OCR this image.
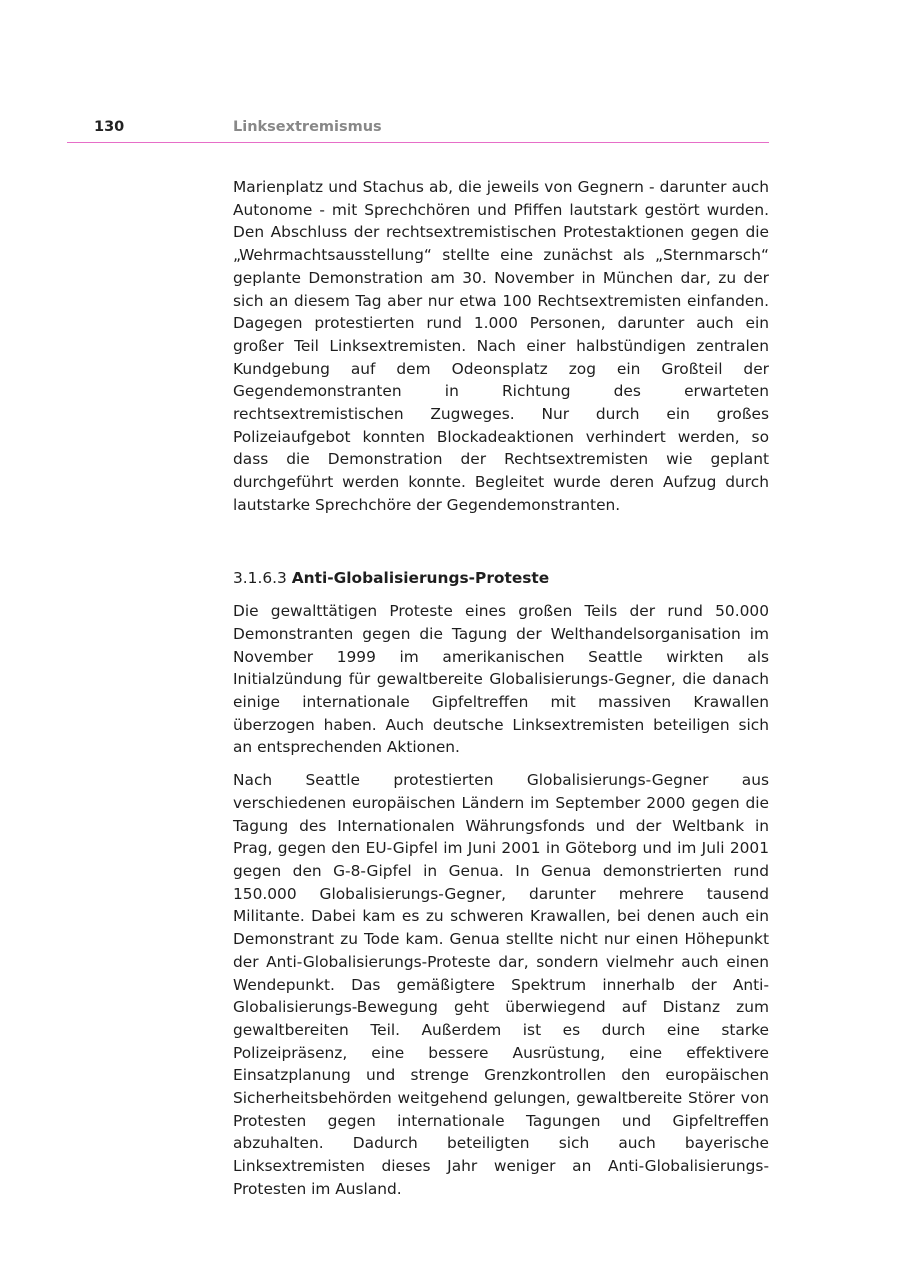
130	Linksextremismus

Marienplatz und Stachus ab, die jeweils von Gegnern - darunter auch Autonome - mit Sprechchören und Pfiffen lautstark gestört wurden. Den Abschluss der rechtsextremistischen Protestaktionen gegen die „Wehrmachtsausstellung“ stellte eine zunächst als „Sternmarsch“ geplante Demonstration am 30. November in München dar, zu der sich an diesem Tag aber nur etwa 100 Rechtsextremisten einfanden. Dagegen protestierten rund 1.000 Personen, darunter auch ein großer Teil Linksextremisten. Nach einer halbstündigen zentralen Kundgebung auf dem Odeonsplatz zog ein Großteil der Gegendemonstranten in Richtung des erwarteten rechtsextremistischen Zugweges. Nur durch ein großes Polizeiaufgebot konnten Blockadeaktionen verhindert werden, so dass die Demonstration der Rechtsextremisten wie geplant durchgeführt werden konnte. Begleitet wurde deren Aufzug durch lautstarke Sprechchöre der Gegendemonstranten.

3.1.6.3 Anti-Globalisierungs-Proteste

Die gewalttätigen Proteste eines großen Teils der rund 50.000 Demonstranten gegen die Tagung der Welthandelsorganisation im November 1999 im amerikanischen Seattle wirkten als Initialzündung für gewaltbereite Globalisierungs-Gegner, die danach einige internationale Gipfeltreffen mit massiven Krawallen überzogen haben. Auch deutsche Linksextremisten beteiligen sich an entsprechenden Aktionen.

Nach Seattle protestierten Globalisierungs-Gegner aus verschiedenen europäischen Ländern im September 2000 gegen die Tagung des Internationalen Währungsfonds und der Weltbank in Prag, gegen den EU-Gipfel im Juni 2001 in Göteborg und im Juli 2001 gegen den G-8-Gipfel in Genua. In Genua demonstrierten rund 150.000 Globalisierungs-Gegner, darunter mehrere tausend Militante. Dabei kam es zu schweren Krawallen, bei denen auch ein Demonstrant zu Tode kam. Genua stellte nicht nur einen Höhepunkt der Anti-Globalisierungs-Proteste dar, sondern vielmehr auch einen Wendepunkt. Das gemäßigtere Spektrum innerhalb der Anti-Globalisierungs-Bewegung geht überwiegend auf Distanz zum gewaltbereiten Teil. Außerdem ist es durch eine starke Polizeipräsenz, eine bessere Ausrüstung, eine effektivere Einsatzplanung und strenge Grenzkontrollen den europäischen Sicherheitsbehörden weitgehend gelungen, gewaltbereite Störer von Protesten gegen internationale Tagungen und Gipfeltreffen abzuhalten. Dadurch beteiligten sich auch bayerische Linksextremisten dieses Jahr weniger an Anti-Globalisierungs-Protesten im Ausland.
